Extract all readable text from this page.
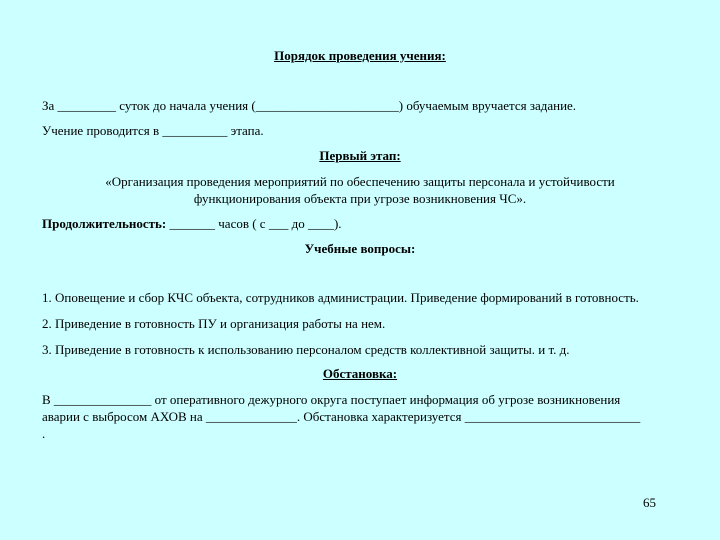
Порядок проведения учения:
За _________ суток до начала учения (______________________) обучаемым вручается задание.
Учение проводится в __________ этапа.
Первый этап:
«Организация проведения мероприятий по обеспечению защиты персонала и устойчивости
функционирования объекта при угрозе возникновения ЧС».
Продолжительность: _______ часов ( с ___ до ____).
Учебные вопросы:
1. Оповещение и сбор КЧС объекта, сотрудников администрации. Приведение формирований в готовность.
2. Приведение в готовность ПУ и организация работы на нем.
3. Приведение в готовность к использованию персоналом средств коллективной защиты. и т. д.
Обстановка:
В _______________ от оперативного дежурного округа поступает информация об угрозе возникновения
аварии с выбросом АХОВ на ______________. Обстановка характеризуется ___________________________
.
65
